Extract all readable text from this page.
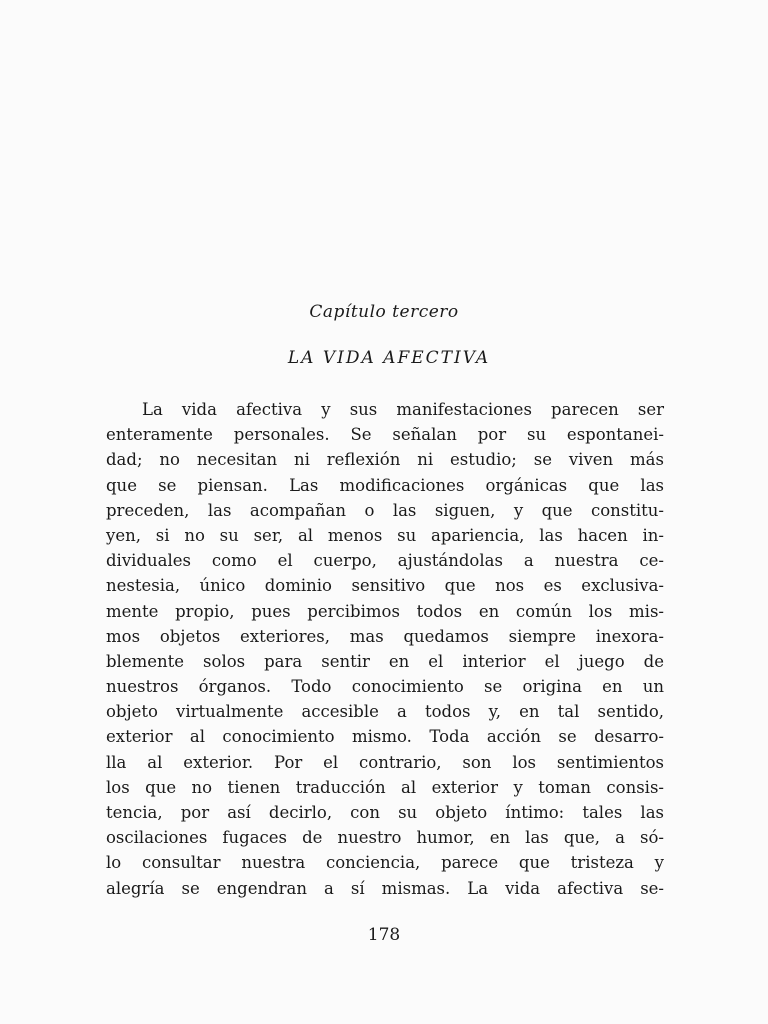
Capítulo tercero
LA VIDA AFECTIVA
La vida afectiva y sus manifestaciones parecen ser
enteramente personales. Se señalan por su espontanei-
dad; no necesitan ni reflexión ni estudio; se viven más
que se piensan. Las modificaciones orgánicas que las
preceden, las acompañan o las siguen, y que constitu-
yen, si no su ser, al menos su apariencia, las hacen in-
dividuales como el cuerpo, ajustándolas a nuestra ce-
nestesia, único dominio sensitivo que nos es exclusiva-
mente propio, pues percibimos todos en común los mis-
mos objetos exteriores, mas quedamos siempre inexora-
blemente solos para sentir en el interior el juego de
nuestros órganos. Todo conocimiento se origina en un
objeto virtualmente accesible a todos y, en tal sentido,
exterior al conocimiento mismo. Toda acción se desarro-
lla al exterior. Por el contrario, son los sentimientos
los que no tienen traducción al exterior y toman consis-
tencia, por así decirlo, con su objeto íntimo: tales las
oscilaciones fugaces de nuestro humor, en las que, a só-
lo consultar nuestra conciencia, parece que tristeza y
alegría se engendran a sí mismas. La vida afectiva se-

178
